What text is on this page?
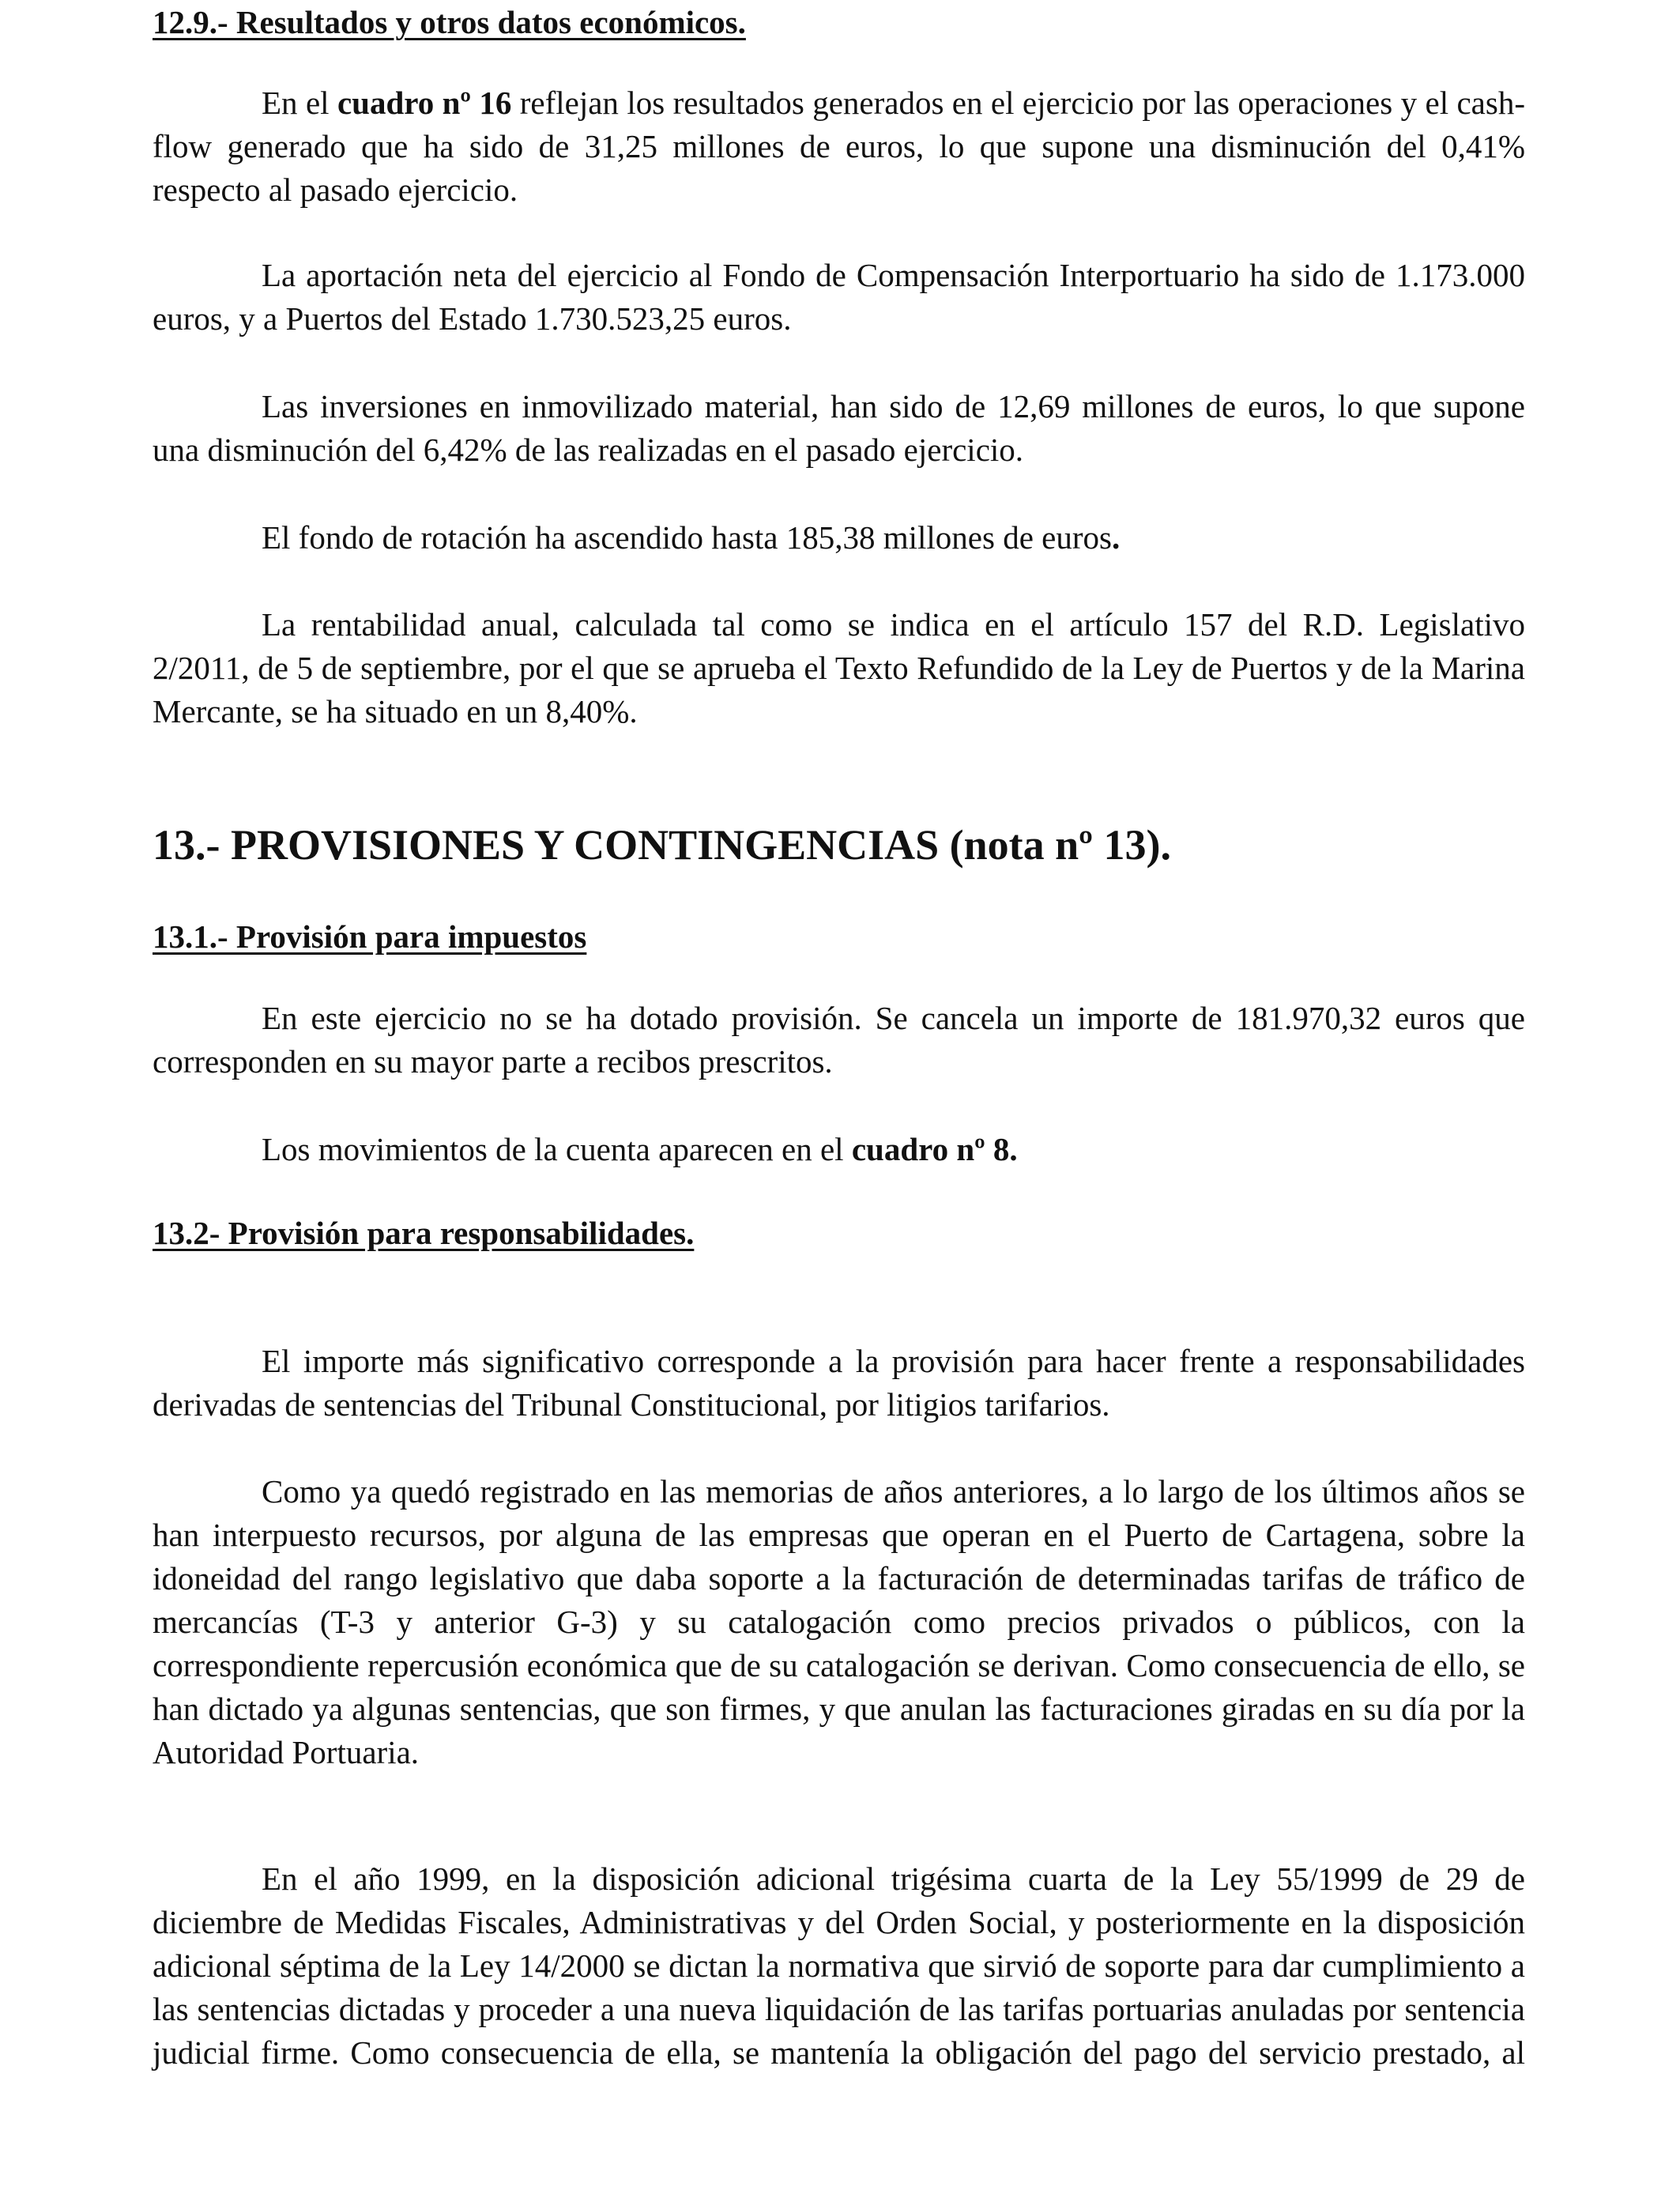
12.9.- Resultados y otros datos económicos.

En el cuadro nº 16 reflejan los resultados generados en el ejercicio por las operaciones y el cash-flow generado que ha sido de 31,25 millones de euros, lo que supone una disminución del 0,41% respecto al pasado ejercicio.

La aportación neta del ejercicio al Fondo de Compensación Interportuario ha sido de 1.173.000 euros, y a Puertos del Estado 1.730.523,25 euros.

Las inversiones en inmovilizado material, han sido de 12,69 millones de euros, lo que supone una disminución del 6,42% de las realizadas en el pasado ejercicio.

El fondo de rotación ha ascendido hasta 185,38 millones de euros.

La rentabilidad anual, calculada tal como se indica en el artículo 157 del R.D. Legislativo 2/2011, de 5 de septiembre, por el que se aprueba el Texto Refundido de la Ley de Puertos y de la Marina Mercante, se ha situado en un 8,40%.

13.- PROVISIONES Y CONTINGENCIAS (nota nº 13).
13.1.- Provisión para impuestos

En este ejercicio no se ha dotado provisión. Se cancela un importe de 181.970,32 euros que corresponden en su mayor parte a recibos prescritos.

Los movimientos de la cuenta aparecen en el cuadro nº 8.

13.2- Provisión para responsabilidades.

El importe más significativo corresponde a la provisión para hacer frente a responsabilidades derivadas de sentencias del Tribunal Constitucional, por litigios tarifarios.

Como ya quedó registrado en las memorias de años anteriores, a lo largo de los últimos años se han interpuesto recursos, por alguna de las empresas que operan en el Puerto de Cartagena, sobre la idoneidad del rango legislativo que daba soporte a la facturación de determinadas tarifas de tráfico de mercancías (T-3 y anterior G-3) y su catalogación como precios privados o públicos, con la correspondiente repercusión económica que de su catalogación se derivan. Como consecuencia de ello, se han dictado ya algunas sentencias, que son firmes, y que anulan las facturaciones giradas en su día por la Autoridad Portuaria.

En el año 1999, en la disposición adicional trigésima cuarta de la Ley 55/1999 de 29 de diciembre de Medidas Fiscales, Administrativas y del Orden Social, y posteriormente en la disposición adicional séptima de la Ley 14/2000 se dictan la normativa que sirvió de soporte para dar cumplimiento a las sentencias dictadas y proceder a una nueva liquidación de las tarifas portuarias anuladas por sentencia judicial firme. Como consecuencia de ella, se mantenía la obligación del pago del servicio prestado, al
